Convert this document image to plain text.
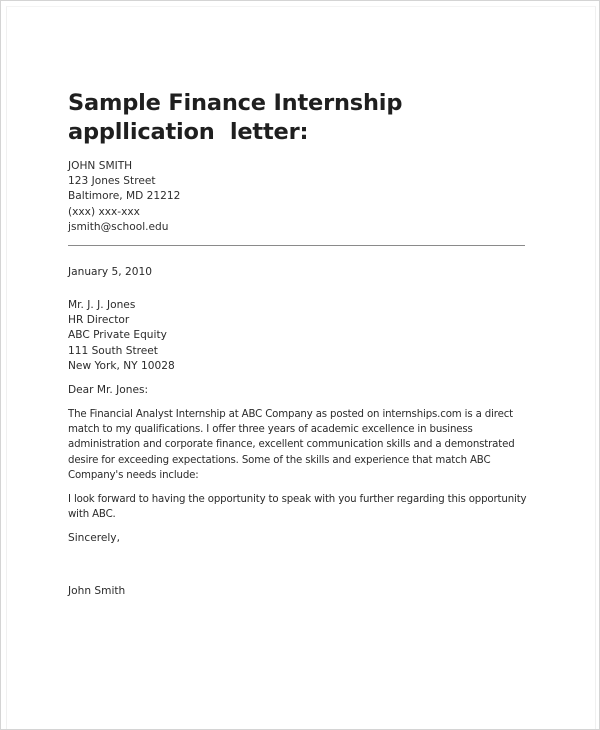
Sample Finance Internship
appllication  letter:
JOHN SMITH
123 Jones Street
Baltimore, MD 21212
(xxx) xxx-xxx
jsmith@school.edu
January 5, 2010
Mr. J. J. Jones
HR Director
ABC Private Equity
111 South Street
New York, NY 10028
Dear Mr. Jones:

The Financial Analyst Internship at ABC Company as posted on internships.com is a direct match to my qualifications. I offer three years of academic excellence in business administration and corporate finance, excellent communication skills and a demonstrated desire for exceeding expectations. Some of the skills and experience that match ABC Company's needs include:

I look forward to having the opportunity to speak with you further regarding this opportunity with ABC.

Sincerely,
John Smith
